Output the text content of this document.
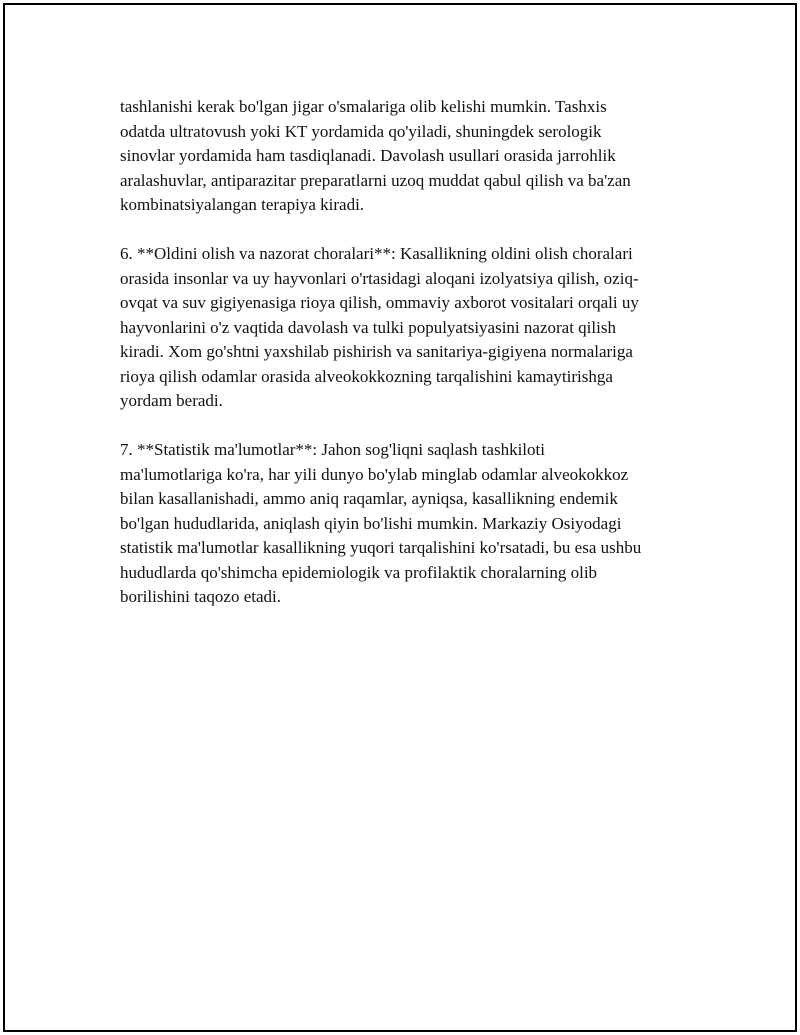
tashlanishi kerak bo'lgan jigar o'smalariga olib kelishi mumkin. Tashxis
odatda ultratovush yoki KT yordamida qo'yiladi, shuningdek serologik
sinovlar yordamida ham tasdiqlanadi. Davolash usullari orasida jarrohlik
aralashuvlar, antiparazitar preparatlarni uzoq muddat qabul qilish va ba'zan
kombinatsiyalangan terapiya kiradi.

6. **Oldini olish va nazorat choralari**: Kasallikning oldini olish choralari
orasida insonlar va uy hayvonlari o'rtasidagi aloqani izolyatsiya qilish, oziq-
ovqat va suv gigiyenasiga rioya qilish, ommaviy axborot vositalari orqali uy
hayvonlarini o'z vaqtida davolash va tulki populyatsiyasini nazorat qilish
kiradi. Xom go'shtni yaxshilab pishirish va sanitariya-gigiyena normalariga
rioya qilish odamlar orasida alveokokkozning tarqalishini kamaytirishga
yordam beradi.

7. **Statistik ma'lumotlar**: Jahon sog'liqni saqlash tashkiloti
ma'lumotlariga ko'ra, har yili dunyo bo'ylab minglab odamlar alveokokkoz
bilan kasallanishadi, ammo aniq raqamlar, ayniqsa, kasallikning endemik
bo'lgan hududlarida, aniqlash qiyin bo'lishi mumkin. Markaziy Osiyodagi
statistik ma'lumotlar kasallikning yuqori tarqalishini ko'rsatadi, bu esa ushbu
hududlarda qo'shimcha epidemiologik va profilaktik choralarning olib
borilishini taqozo etadi.
